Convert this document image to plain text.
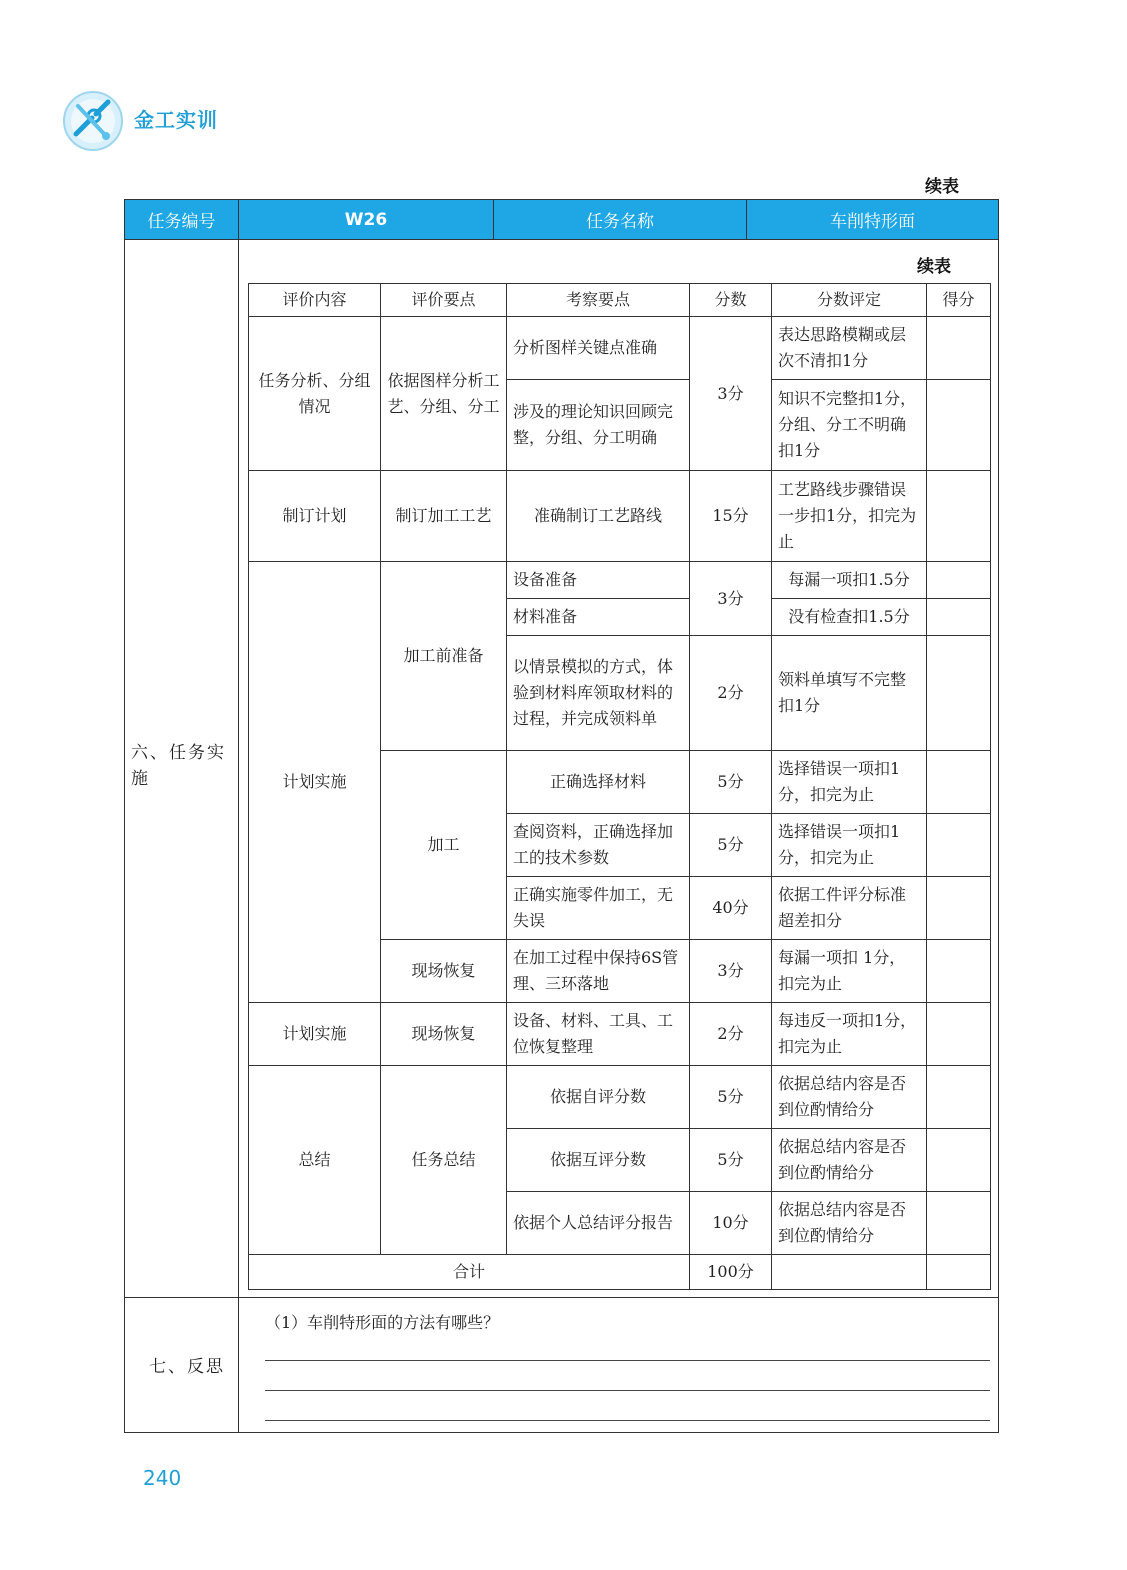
金工实训
续表
任务编号	W26	任务名称	车削特形面
六、任务实施
七、反思
续表
评价内容	评价要点	考察要点	分数	分数评定	得分
任务分析、分组情况	依据图样分析工艺、分组、分工	分析图样关键点准确	3分	表达思路模糊或层次不清扣1分	
		涉及的理论知识回顾完整，分组、分工明确		知识不完整扣1分，分组、分工不明确扣1分	
制订计划	制订加工工艺	准确制订工艺路线	15分	工艺路线步骤错误一步扣1分，扣完为止	
计划实施	加工前准备	设备准备	3分	每漏一项扣1.5分	
		材料准备		没有检查扣1.5分	
		以情景模拟的方式，体验到材料库领取材料的过程，并完成领料单	2分	领料单填写不完整扣1分	
	加工	正确选择材料	5分	选择错误一项扣1分，扣完为止	
		查阅资料，正确选择加工的技术参数	5分	选择错误一项扣1分，扣完为止	
		正确实施零件加工，无失误	40分	依据工件评分标准超差扣分	
	现场恢复	在加工过程中保持6S管理、三环落地	3分	每漏一项扣 1分，扣完为止	
计划实施	现场恢复	设备、材料、工具、工位恢复整理	2分	每违反一项扣1分，扣完为止	
总结	任务总结	依据自评分数	5分	依据总结内容是否到位酌情给分	
		依据互评分数	5分	依据总结内容是否到位酌情给分	
		依据个人总结评分报告	10分	依据总结内容是否到位酌情给分	
合计			100分		
（1）车削特形面的方法有哪些？
240
